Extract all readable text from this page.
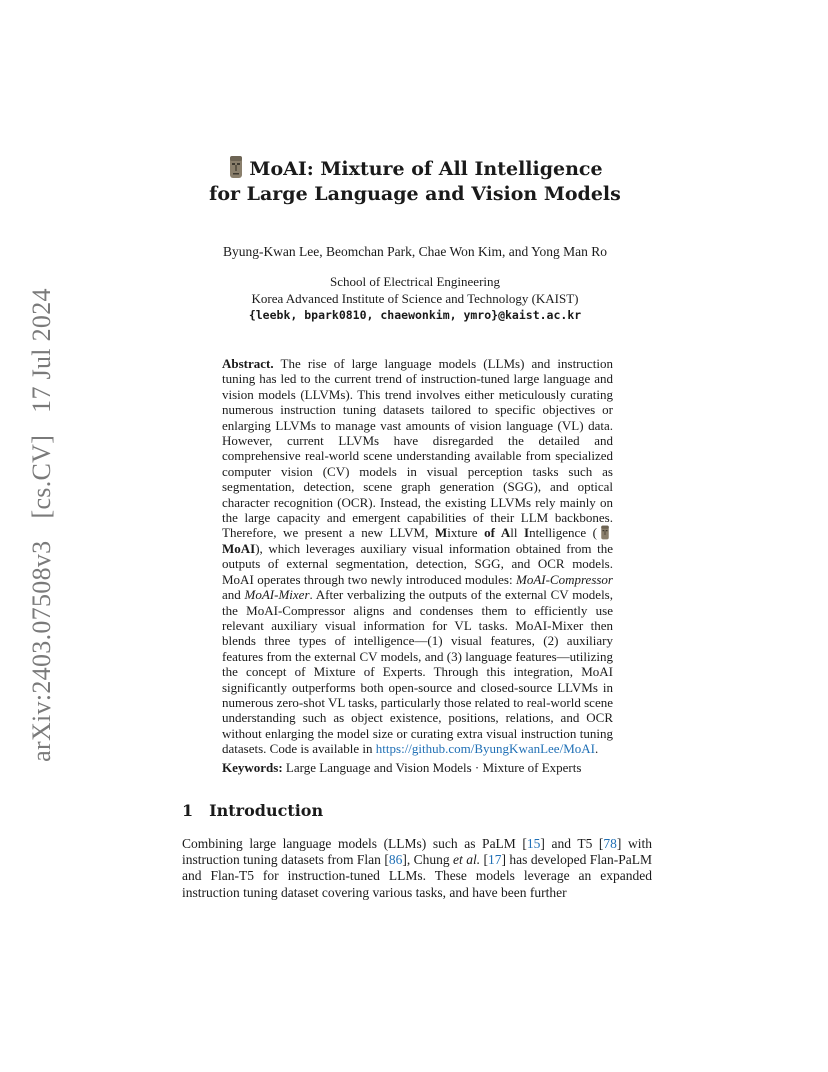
arXiv:2403.07508v3[cs.CV]17 Jul 2024
MoAI: Mixture of All Intelligence
for Large Language and Vision Models
Byung-Kwan Lee, Beomchan Park, Chae Won Kim, and Yong Man Ro
School of Electrical Engineering
Korea Advanced Institute of Science and Technology (KAIST)
{leebk, bpark0810, chaewonkim, ymro}@kaist.ac.kr
Abstract. The rise of large language models (LLMs) and instruction tuning has led to the current trend of instruction-tuned large language and vision models (LLVMs). This trend involves either meticulously curating numerous instruction tuning datasets tailored to specific objectives or enlarging LLVMs to manage vast amounts of vision language (VL) data. However, current LLVMs have disregarded the detailed and comprehensive real-world scene understanding available from specialized computer vision (CV) models in visual perception tasks such as segmentation, detection, scene graph generation (SGG), and optical character recognition (OCR). Instead, the existing LLVMs rely mainly on the large capacity and emergent capabilities of their LLM backbones. Therefore, we present a new LLVM, Mixture of All Intelligence (MoAI), which leverages auxiliary visual information obtained from the outputs of external segmentation, detection, SGG, and OCR models. MoAI operates through two newly introduced modules: MoAI-Compressor and MoAI-Mixer. After verbalizing the outputs of the external CV models, the MoAI-Compressor aligns and condenses them to efficiently use relevant auxiliary visual information for VL tasks. MoAI-Mixer then blends three types of intelligence—(1) visual features, (2) auxiliary features from the external CV models, and (3) language features—utilizing the concept of Mixture of Experts. Through this integration, MoAI significantly outperforms both open-source and closed-source LLVMs in numerous zero-shot VL tasks, particularly those related to real-world scene understanding such as object existence, positions, relations, and OCR without enlarging the model size or curating extra visual instruction tuning datasets. Code is available in https://github.com/ByungKwanLee/MoAI.
Keywords: Large Language and Vision Models · Mixture of Experts
1 Introduction
Combining large language models (LLMs) such as PaLM [15] and T5 [78] with instruction tuning datasets from Flan [86], Chung et al. [17] has developed Flan-PaLM and Flan-T5 for instruction-tuned LLMs. These models leverage an expanded instruction tuning dataset covering various tasks, and have been further
